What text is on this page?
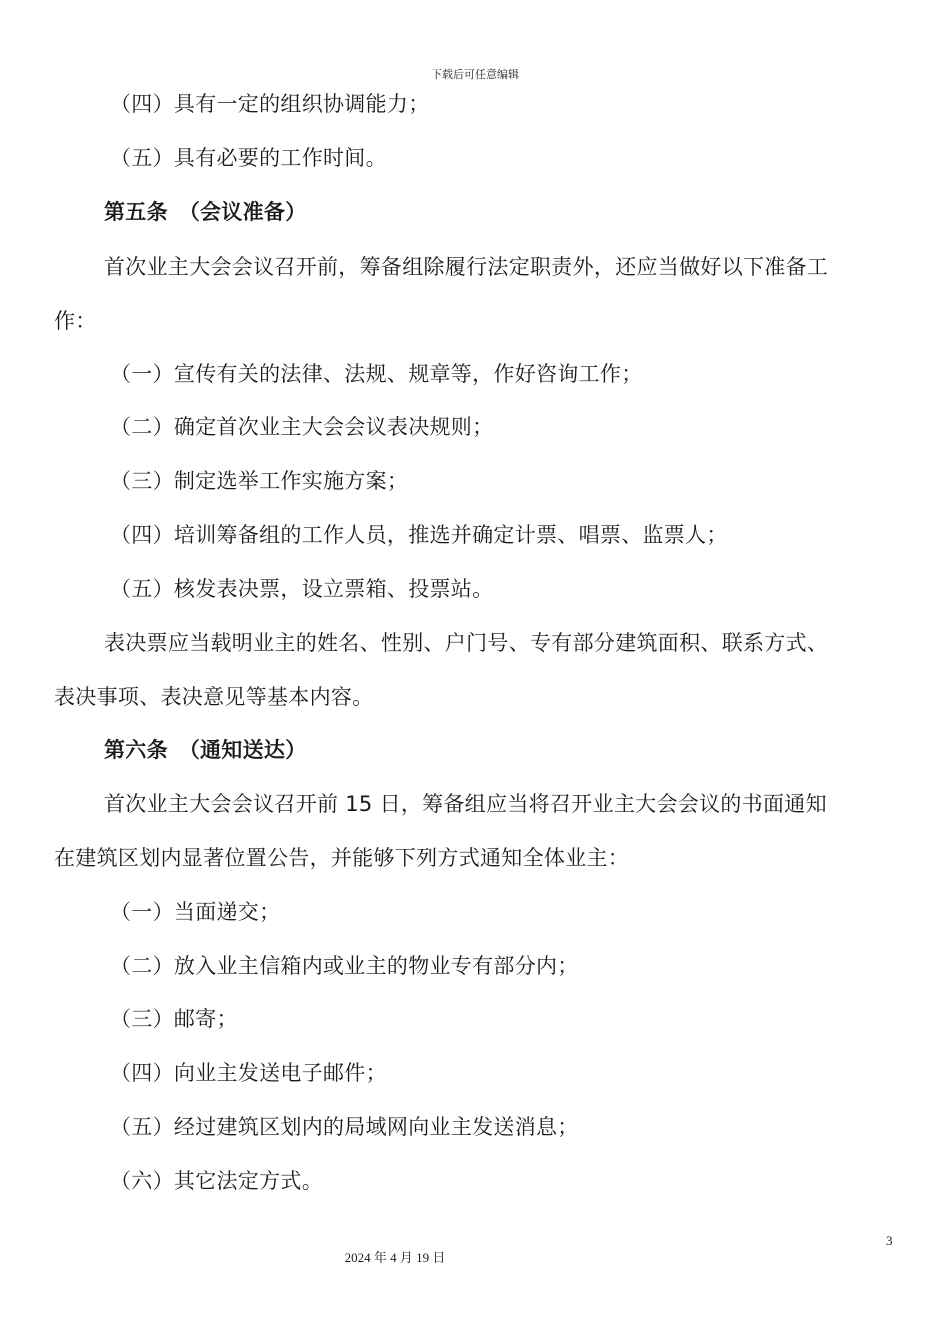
下载后可任意编辑
（四）具有一定的组织协调能力；
（五）具有必要的工作时间。
第五条　（会议准备）
首次业主大会会议召开前，筹备组除履行法定职责外，还应当做好以下准备工
作：
（一）宣传有关的法律、法规、规章等，作好咨询工作；
（二）确定首次业主大会会议表决规则；
（三）制定选举工作实施方案；
（四）培训筹备组的工作人员，推选并确定计票、唱票、监票人；
（五）核发表决票，设立票箱、投票站。
表决票应当载明业主的姓名、性别、户门号、专有部分建筑面积、联系方式、
表决事项、表决意见等基本内容。
第六条　（通知送达）
首次业主大会会议召开前 15 日，筹备组应当将召开业主大会会议的书面通知
在建筑区划内显著位置公告，并能够下列方式通知全体业主：
（一）当面递交；
（二）放入业主信箱内或业主的物业专有部分内；
（三）邮寄；
（四）向业主发送电子邮件；
（五）经过建筑区划内的局域网向业主发送消息；
（六）其它法定方式。
3
2024 年 4 月 19 日
